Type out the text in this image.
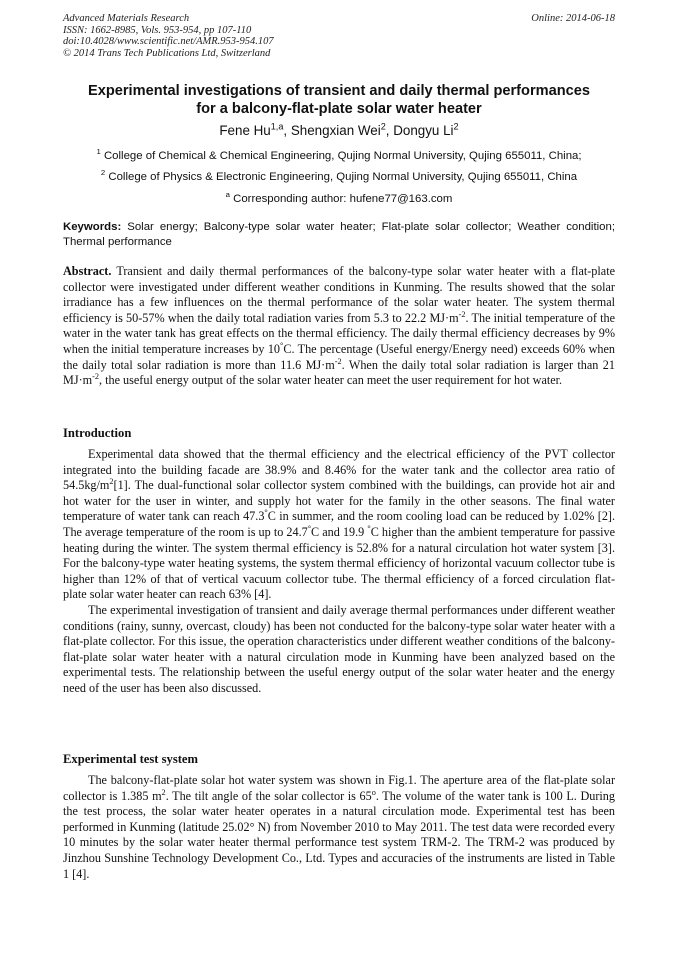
Advanced Materials Research
ISSN: 1662-8985, Vols. 953-954, pp 107-110
doi:10.4028/www.scientific.net/AMR.953-954.107
© 2014 Trans Tech Publications Ltd, Switzerland
Online: 2014-06-18
Experimental investigations of transient and daily thermal performances
for a balcony-flat-plate solar water heater
Fene Hu$^{1,a}$, Shengxian Wei$^2$, Dongyu Li$^2$
$^1$ College of Chemical & Chemical Engineering, Qujing Normal University, Qujing 655011, China;
$^2$ College of Physics & Electronic Engineering, Qujing Normal University, Qujing 655011, China
$^a$ Corresponding author: hufene77@163.com
Keywords: Solar energy; Balcony-type solar water heater; Flat-plate solar collector; Weather condition; Thermal performance

Abstract. Transient and daily thermal performances of the balcony-type solar water heater with a flat-plate collector were investigated under different weather conditions in Kunming. The results showed that the solar irradiance has a few influences on the thermal performance of the solar water heater. The system thermal efficiency is 50-57% when the daily total radiation varies from 5.3 to 22.2 $MJ\cdot m^{-2}$. The initial temperature of the water in the water tank has great effects on the thermal efficiency. The daily thermal efficiency decreases by 9% when the initial temperature increases by 10°C. The percentage (Useful energy/Energy need) exceeds 60% when the daily total solar radiation is more than 11.6 $MJ\cdot m^{-2}$. When the daily total solar radiation is larger than 21 $MJ\cdot m^{-2}$, the useful energy output of the solar water heater can meet the user requirement for hot water.

Introduction

Experimental data showed that the thermal efficiency and the electrical efficiency of the PVT collector integrated into the building facade are 38.9% and 8.46% for the water tank and the collector area ratio of $54.5kg/m^2[1]$. The dual-functional solar collector system combined with the buildings, can provide hot air and hot water for the user in winter, and supply hot water for the family in the other seasons. The final water temperature of water tank can reach 47.3°C in summer, and the room cooling load can be reduced by 1.02% [2]. The average temperature of the room is up to 24.7°C and 19.9 °C higher than the ambient temperature for passive heating during the winter. The system thermal efficiency is 52.8% for a natural circulation hot water system [3]. For the balcony-type water heating systems, the system thermal efficiency of horizontal vacuum collector tube is higher than 12% of that of vertical vacuum collector tube. The thermal efficiency of a forced circulation flat-plate solar water heater can reach 63% [4].

The experimental investigation of transient and daily average thermal performances under different weather conditions (rainy, sunny, overcast, cloudy) has been not conducted for the balcony-type solar water heater with a flat-plate collector. For this issue, the operation characteristics under different weather conditions of the balcony-flat-plate solar water heater with a natural circulation mode in Kunming have been analyzed based on the experimental tests. The relationship between the useful energy output of the solar water heater and the energy need of the user has been also discussed.

Experimental test system

The balcony-flat-plate solar hot water system was shown in Fig.1. The aperture area of the flat-plate solar collector is 1.385 $m^2$. The tilt angle of the solar collector is 65$^o$. The volume of the water tank is 100 L. During the test process, the solar water heater operates in a natural circulation mode. Experimental test has been performed in Kunming (latitude 25.02° N) from November 2010 to May 2011. The test data were recorded every 10 minutes by the solar water heater thermal performance test system TRM-2. The TRM-2 was produced by Jinzhou Sunshine Technology Development Co., Ltd. Types and accuracies of the instruments are listed in Table 1 [4].
